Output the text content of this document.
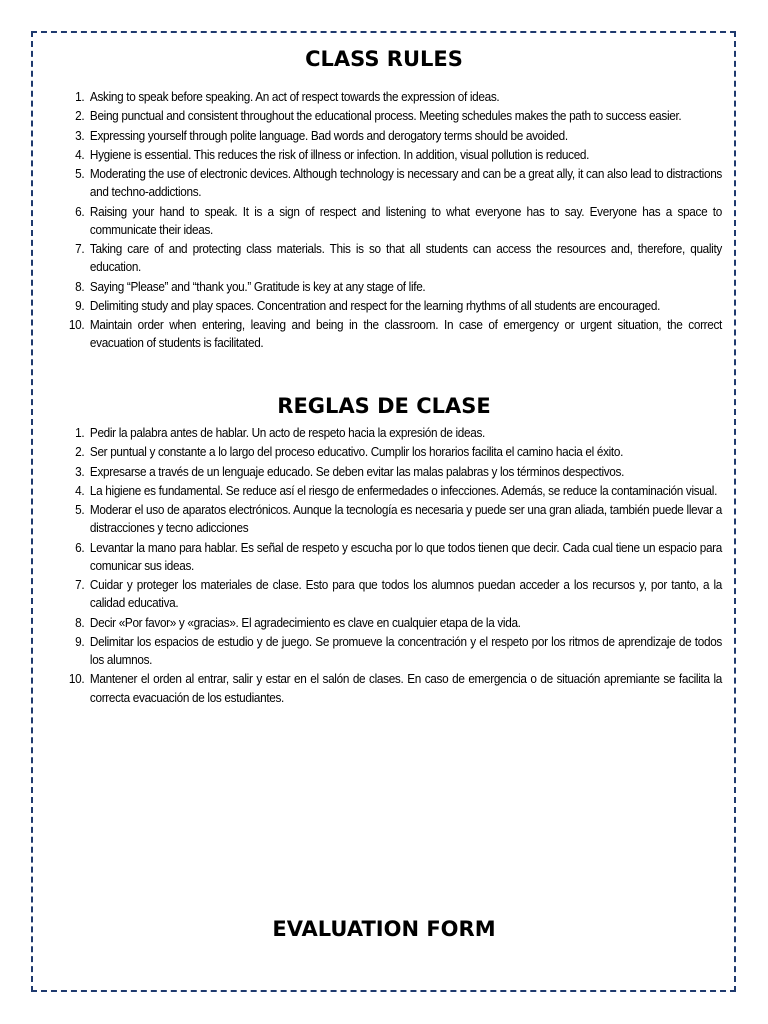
CLASS RULES
1. Asking to speak before speaking. An act of respect towards the expression of ideas.
2. Being punctual and consistent throughout the educational process. Meeting schedules makes the path to success easier.
3. Expressing yourself through polite language. Bad words and derogatory terms should be avoided.
4. Hygiene is essential. This reduces the risk of illness or infection. In addition, visual pollution is reduced.
5. Moderating the use of electronic devices. Although technology is necessary and can be a great ally, it can also lead to distractions and techno-addictions.
6. Raising your hand to speak. It is a sign of respect and listening to what everyone has to say. Everyone has a space to communicate their ideas.
7. Taking care of and protecting class materials. This is so that all students can access the resources and, therefore, quality education.
8. Saying “Please” and “thank you.” Gratitude is key at any stage of life.
9. Delimiting study and play spaces. Concentration and respect for the learning rhythms of all students are encouraged.
10. Maintain order when entering, leaving and being in the classroom. In case of emergency or urgent situation, the correct evacuation of students is facilitated.
REGLAS DE CLASE
1. Pedir la palabra antes de hablar. Un acto de respeto hacia la expresión de ideas.
2. Ser puntual y constante a lo largo del proceso educativo. Cumplir los horarios facilita el camino hacia el éxito.
3. Expresarse a través de un lenguaje educado. Se deben evitar las malas palabras y los términos despectivos.
4. La higiene es fundamental. Se reduce así el riesgo de enfermedades o infecciones. Además, se reduce la contaminación visual.
5. Moderar el uso de aparatos electrónicos. Aunque la tecnología es necesaria y puede ser una gran aliada, también puede llevar a distracciones y tecno adicciones
6. Levantar la mano para hablar. Es señal de respeto y escucha por lo que todos tienen que decir. Cada cual tiene un espacio para comunicar sus ideas.
7. Cuidar y proteger los materiales de clase. Esto para que todos los alumnos puedan acceder a los recursos y, por tanto, a la calidad educativa.
8. Decir «Por favor» y «gracias». El agradecimiento es clave en cualquier etapa de la vida.
9. Delimitar los espacios de estudio y de juego. Se promueve la concentración y el respeto por los ritmos de aprendizaje de todos los alumnos.
10. Mantener el orden al entrar, salir y estar en el salón de clases. En caso de emergencia o de situación apremiante se facilita la correcta evacuación de los estudiantes.
EVALUATION FORM
